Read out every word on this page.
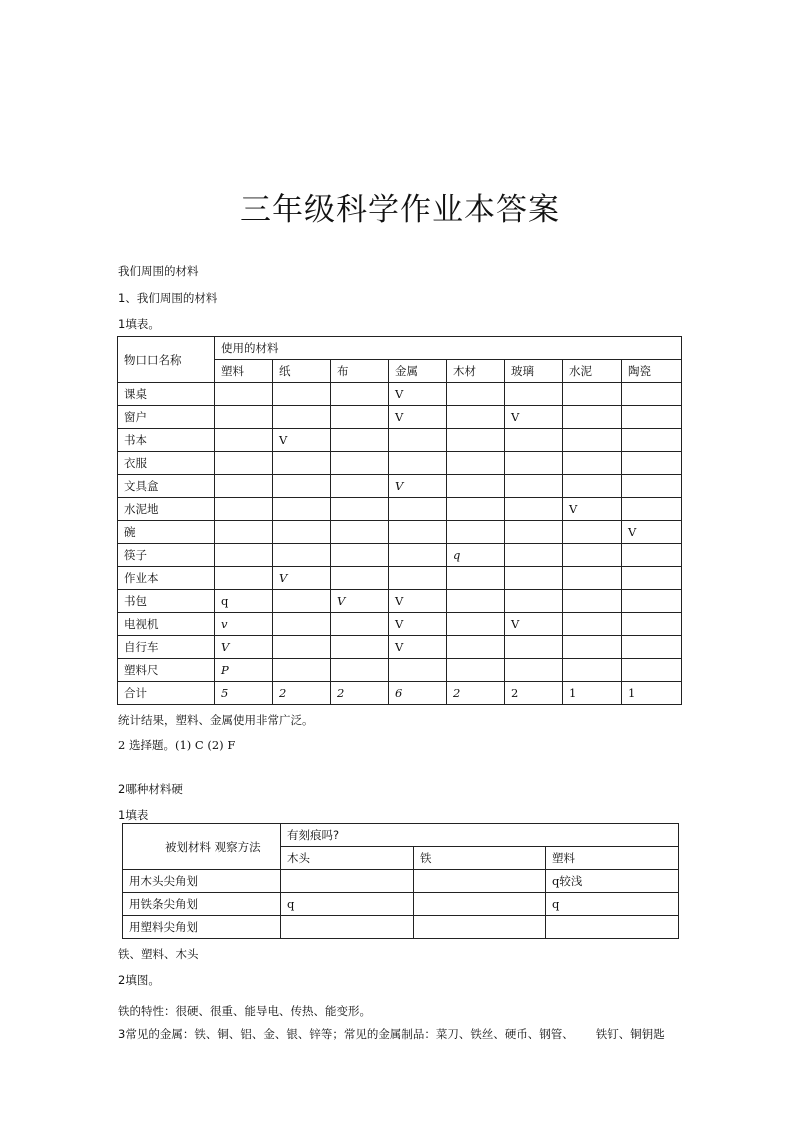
三年级科学作业本答案
我们周围的材料
1、我们周围的材料
1填表。
物口口名称	使用的材料							
	塑料	纸	布	金属	木材	玻璃	水泥	陶瓷
课桌				V				
窗户				V		V		
书本		V						
衣服								
文具盒				V				
水泥地							V	
碗								V
筷子					q			
作业本		V						
书包	q		V	V				
电视机	v			V		V		
自行车	V			V				
塑料尺	P							
合计	5	2	2	6	2	2	1	1
统计结果，塑料、金属使用非常广泛。
2 选择题。(1) C (2) F
2哪种材料硬
1填表
被划材料 观察方法	有刻痕吗?		
	木头	铁	塑料
用木头尖角划			q较浅
用铁条尖角划	q		q
用塑料尖角划			
铁、塑料、木头
2填图。
铁的特性：很硬、很重、能导电、传热、能变形。
3常见的金属：铁、铜、铝、金、银、锌等；常见的金属制品：菜刀、铁丝、硬币、钢管、      铁钉、铜钥匙
